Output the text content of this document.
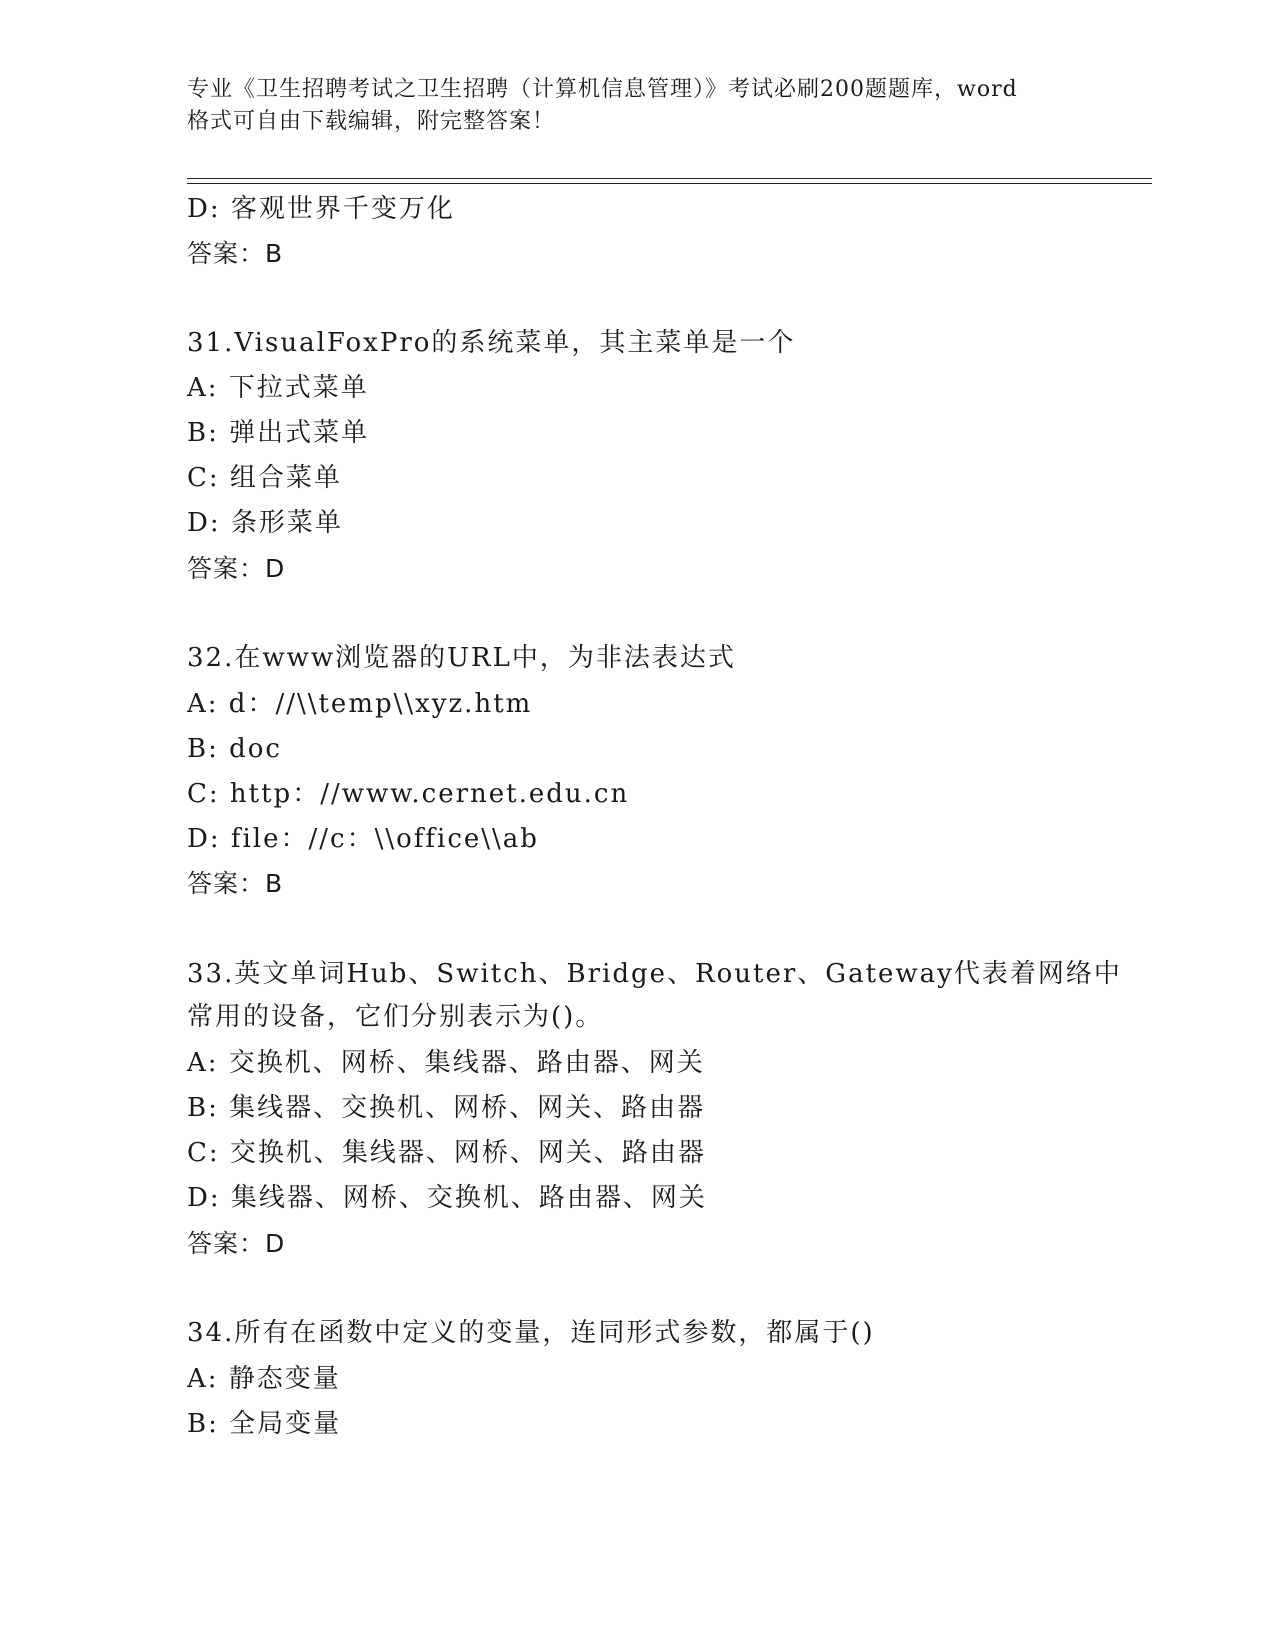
专业《卫生招聘考试之卫生招聘（计算机信息管理）》考试必刷200题题库，word
格式可自由下载编辑，附完整答案！
D: 客观世界千变万化
答案：B
31.VisualFoxPro的系统菜单，其主菜单是一个
A: 下拉式菜单
B: 弹出式菜单
C: 组合菜单
D: 条形菜单
答案：D
32.在www浏览器的URL中，为非法表达式
A: d：//\\temp\\xyz.htm
B: doc
C: http：//www.cernet.edu.cn
D: file：//c：\\office\\ab
答案：B
33.英文单词Hub、Switch、Bridge、Router、Gateway代表着网络中
常用的设备，它们分别表示为()。
A: 交换机、网桥、集线器、路由器、网关
B: 集线器、交换机、网桥、网关、路由器
C: 交换机、集线器、网桥、网关、路由器
D: 集线器、网桥、交换机、路由器、网关
答案：D
34.所有在函数中定义的变量，连同形式参数，都属于()
A: 静态变量
B: 全局变量
